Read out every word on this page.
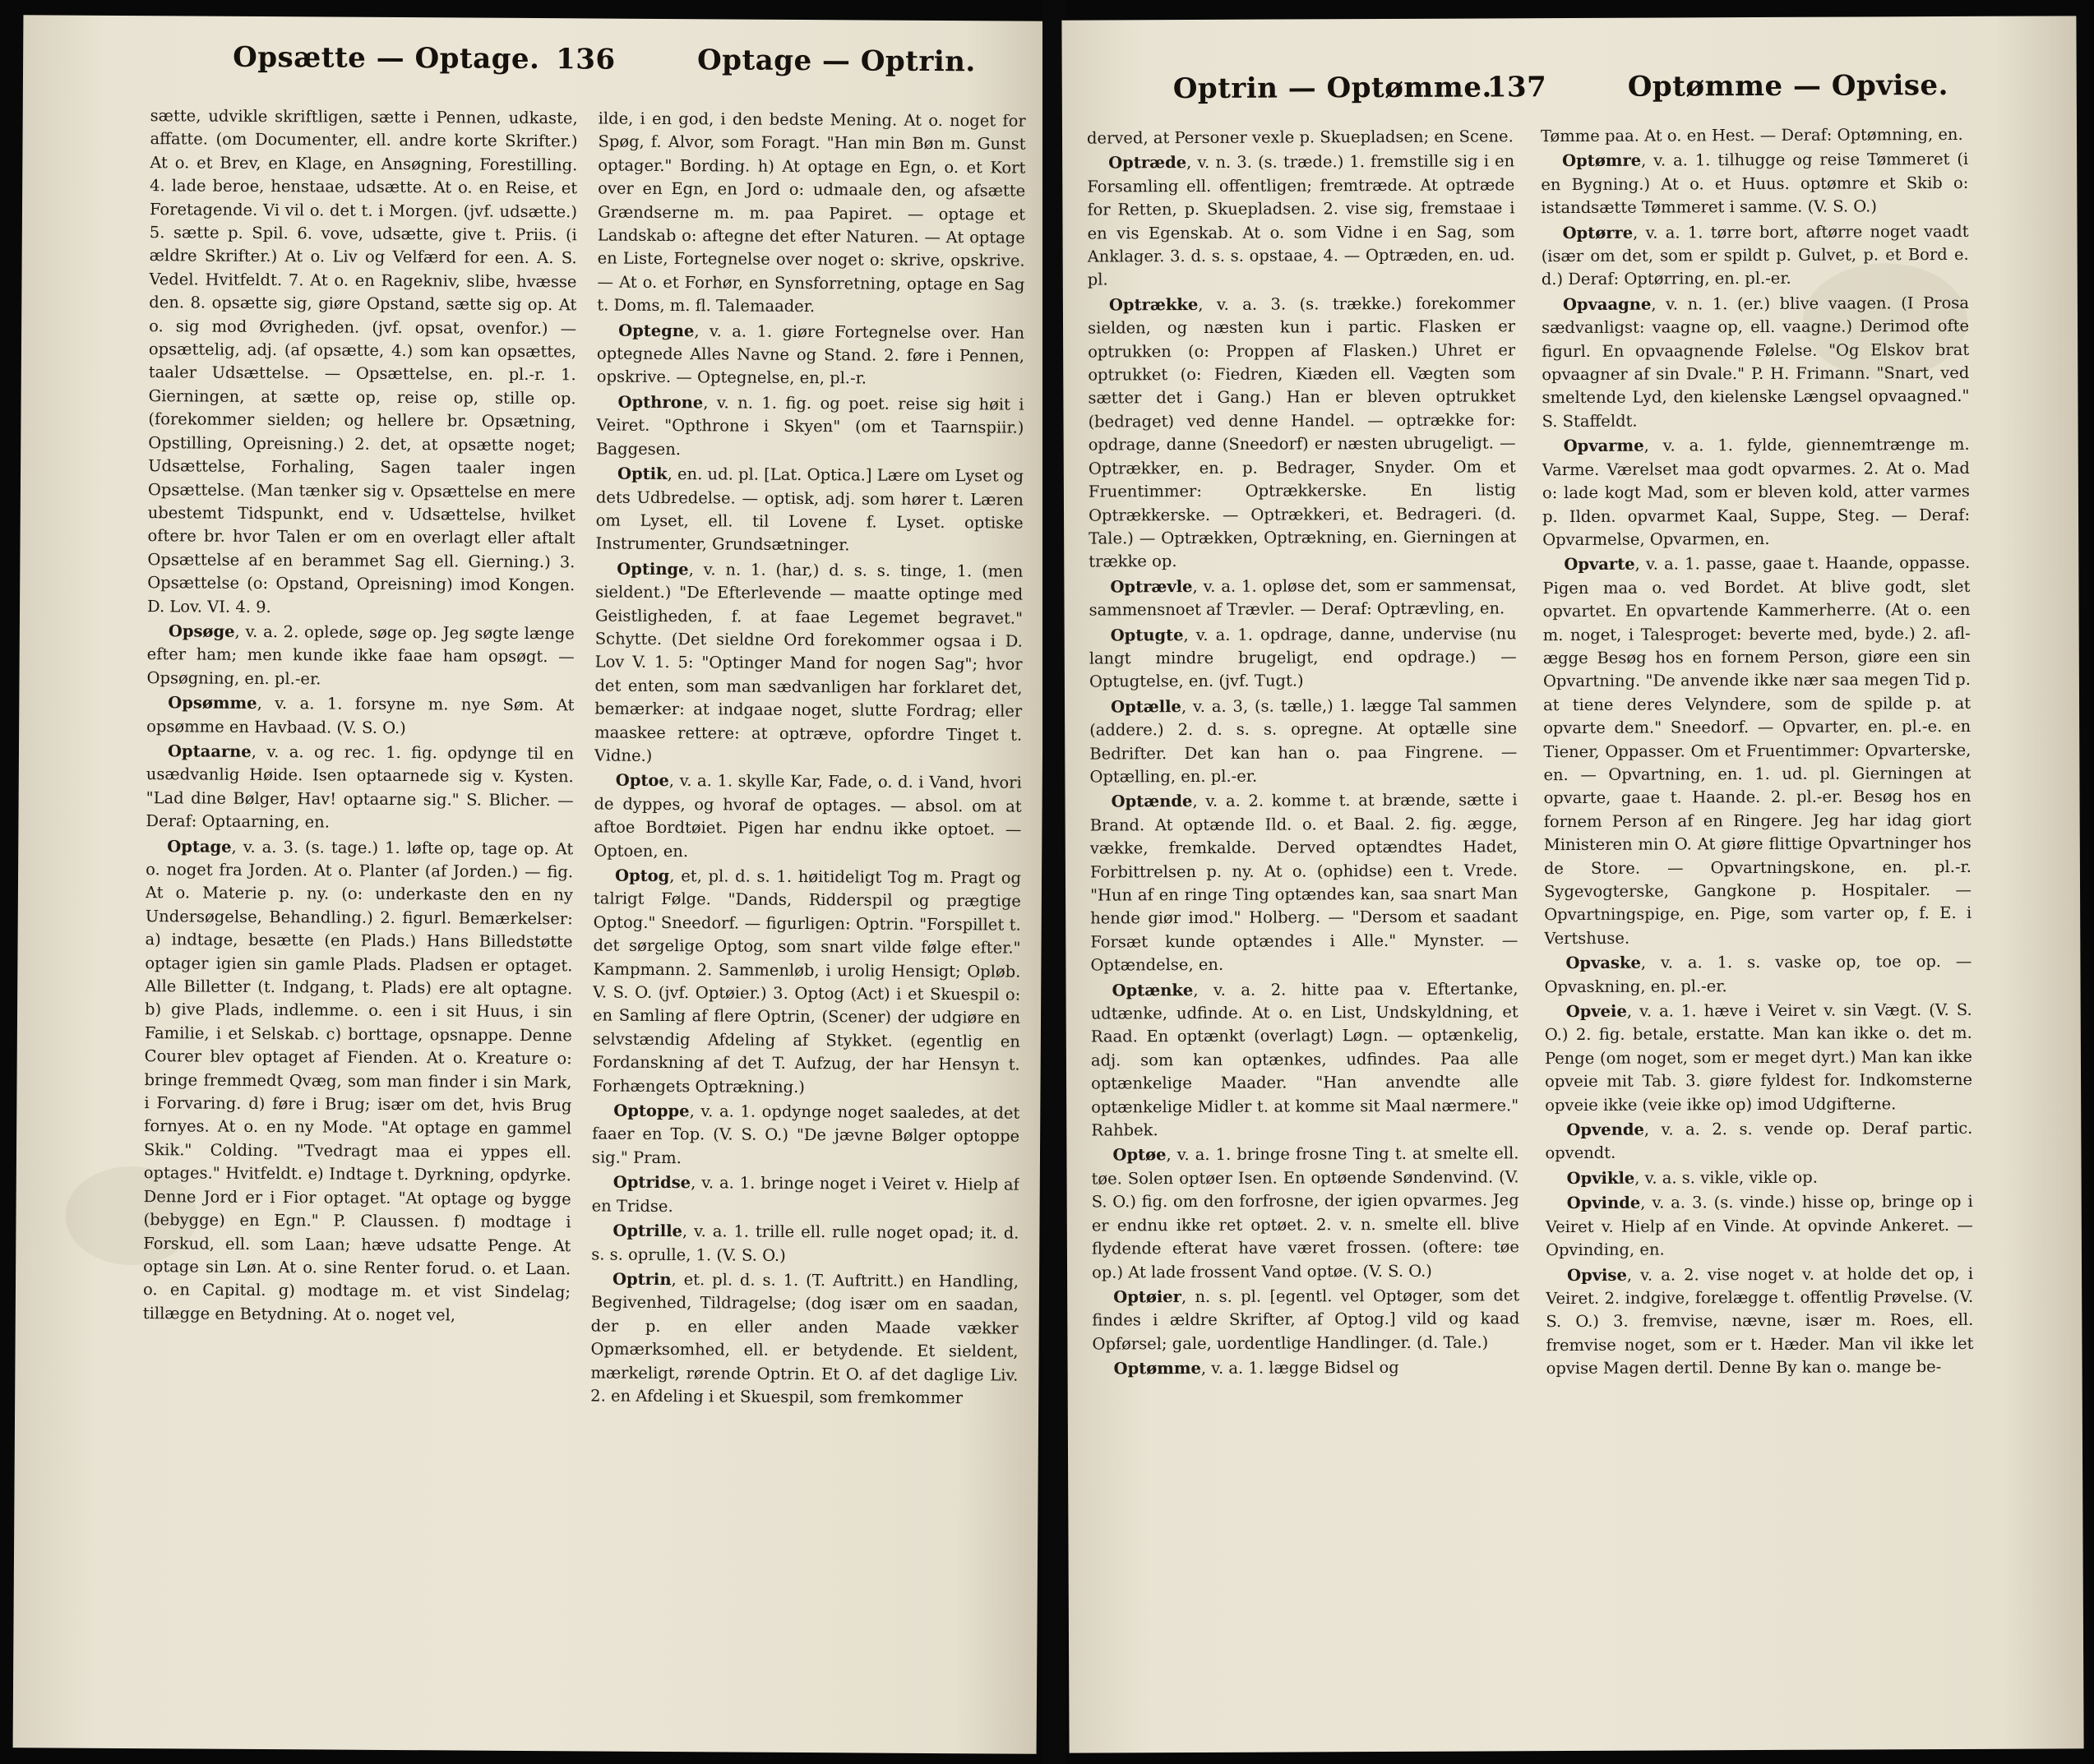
Opsætte — Optage. 136	Optage — Optrin.

sætte, udvikle skriftligen, sætte i Pennen, udkaste, affatte. (om Documenter, ell. andre korte Skrifter.) At o. et Brev, en Klage, en Ansøgning, Forestilling. 4. lade beroe, henstaae, udsætte. At o. en Reise, et Foretagende. Vi vil o. det t. i Morgen. (jvf. udsætte.) 5. sætte p. Spil. 6. vove, udsætte, give t. Priis. (i ældre Skrifter.) At o. Liv og Velfærd for een. A. S. Vedel. Hvitfeldt. 7. At o. en Ragekniv, slibe, hvæsse den. 8. opsætte sig, giøre Opstand, sætte sig op. At o. sig mod Øvrigheden. (jvf. opsat, ovenfor.) — opsættelig, adj. (af opsætte, 4.) som kan opsættes, taaler Udsættelse. — Opsættelse, en. pl.-r. 1. Gierningen, at sætte op, reise op, stille op. (forekommer sielden; og hellere br. Opsætning, Opstilling, Opreisning.) 2. det, at opsætte noget; Udsættelse, Forhaling, Sagen taaler ingen Opsættelse. (Man tænker sig v. Opsættelse en mere ubestemt Tidspunkt, end v. Udsættelse, hvilket oftere br. hvor Talen er om en overlagt eller aftalt Opsættelse af en berammet Sag ell. Gierning.) 3. Opsættelse (o: Opstand, Opreisning) imod Kongen. D. Lov. VI. 4. 9.

Opsøge, v. a. 2. opledе, søge op. Jeg søgte længe efter ham; men kunde ikke faae ham opsøgt. — Opsøgning, en. pl.-er.

Opsømme, v. a. 1. forsyne m. nye Søm. At opsømme en Havbaad. (V. S. O.)

Optaarne, v. a. og rec. 1. fig. opdynge til en usædvanlig Høide. Isen optaarnede sig v. Kysten. "Lad dine Bølger, Hav! optaarne sig." S. Blicher. — Deraf: Optaarning, en.

Optage, v. a. 3. (s. tage.) 1. løfte op, tage op. At o. noget fra Jorden. At o. Planter (af Jorden.) — fig. At o. Materie p. ny. (o: underkaste den en ny Undersøgelse, Behandling.) 2. figurl. Bemærkelser: a) indtage, besætte (en Plads.) Hans Billedstøtte optager igien sin gamle Plads. Pladsen er optaget. Alle Billetter (t. Indgang, t. Plads) ere alt optagne. b) give Plads, indlemme. o. een i sit Huus, i sin Familie, i et Selskab. c) borttage, opsnappe. Denne Courer blev optaget af Fienden. At o. Kreature o: bringe fremmedt Qvæg, som man finder i sin Mark, i Forvaring. d) føre i Brug; især om det, hvis Brug fornyes. At o. en ny Mode. "At optage en gammel Skik." Colding. "Tvedragt maa ei yppes ell. optages." Hvitfeldt. e) Indtage t. Dyrkning, opdyrke. Denne Jord er i Fior optaget. "At optage og bygge (bebygge) en Egn." P. Claussen. f) modtage i Forskud, ell. som Laan; hæve udsatte Penge. At optage sin Løn. At o. sine Renter forud. o. et Laan. o. en Capital. g) modtage m. et vist Sindelag; tillægge en Betydning. At o. noget vel,

ilde, i en god, i den bedste Mening. At o. noget for Spøg, f. Alvor, som Foragt. "Han min Bøn m. Gunst optager." Bording. h) At optage en Egn, o. et Kort over en Egn, en Jord o: udmaale den, og afsætte Grændserne m. m. paa Papiret. — optage et Landskab o: aftegne det efter Naturen. — At optage en Liste, Fortegnelse over noget o: skrive, opskrive. — At o. et Forhør, en Synsforretning, optage en Sag t. Doms, m. fl. Talemaader.

Optegne, v. a. 1. giøre Fortegnelse over. Han optegnede Alles Navne og Stand. 2. føre i Pennen, opskrive. — Optegnelse, en, pl.-r.

Opthrone, v. n. 1. fig. og poet. reise sig høit i Veiret. "Opthrone i Skyen" (om et Taarnspiir.) Baggesen.

Optik, en. ud. pl. [Lat. Optica.] Lære om Lyset og dets Udbredelse. — optisk, adj. som hører t. Læren om Lyset, ell. til Lovene f. Lyset. optiske Instrumenter, Grundsætninger.

Optinge, v. n. 1. (har,) d. s. s. tinge, 1. (men sieldent.) "De Efterlevende — maatte optinge med Geistligheden, f. at faae Legemet begravet." Schytte. (Det sieldne Ord forekommer ogsaa i D. Lov V. 1. 5: "Optinger Mand for nogen Sag"; hvor det enten, som man sædvanligen har forklaret det, bemærker: at indgaae noget, slutte Fordrag; eller maaskee rettere: at optræve, opfordre Tinget t. Vidne.)

Optoe, v. a. 1. skylle Kar, Fade, o. d. i Vand, hvori de dyppes, og hvoraf de optages. — absol. om at aftoe Bordtøiet. Pigen har endnu ikke optoet. — Optoen, en.

Optog, et, pl. d. s. 1. høitideligt Tog m. Pragt og talrigt Følge. "Dands, Ridderspil og prægtige Optog." Sneedorf. — figurligen: Optrin. "Forspillet t. det sørgelige Optog, som snart vilde følge efter." Kampmann. 2. Sammenløb, i urolig Hensigt; Opløb. V. S. O. (jvf. Optøier.) 3. Optog (Act) i et Skuespil o: en Samling af flere Optrin, (Scener) der udgiøre en selvstændig Afdeling af Stykket. (egentlig en Fordanskning af det T. Aufzug, der har Hensyn t. Forhængets Optrækning.)

Optoppe, v. a. 1. opdynge noget saaledes, at det faaer en Top. (V. S. O.) "De jævne Bølger optoppe sig." Pram.

Optridse, v. a. 1. bringe noget i Veiret v. Hielp af en Tridse.

Optrille, v. a. 1. trille ell. rulle noget opad; it. d. s. s. oprulle, 1. (V. S. O.)

Optrin, et. pl. d. s. 1. (T. Auftritt.) en Handling, Begivenhed, Tildragelse; (dog især om en saadan, der p. en eller anden Maade vækker Opmærksomhed, ell. er betydende. Et sieldent, mærkeligt, rørende Optrin. Et O. af det dagligе Liv. 2. en Afdeling i et Skuespil, som fremkommer

Optrin — Optømme.
137	Optømme — Opvise.

derved, at Personer vexle p. Skuepladsen; en Scene.

Optræde, v. n. 3. (s. træde.) 1. fremstille sig i en Forsamling ell. offentligen; fremtræde. At optræde for Retten, p. Skuepladsen. 2. vise sig, fremstaae i en vis Egenskab. At o. som Vidne i en Sag, som Anklager. 3. d. s. s. opstaae, 4. — Optræden, en. ud. pl.

Optrække, v. a. 3. (s. trække.) forekommer sielden, og næsten kun i partic. Flasken er optrukken (o: Proppen af Flasken.) Uhret er optrukket (o: Fiedren, Kiæden ell. Vægten som sætter det i Gang.) Han er bleven optrukket (bedraget) ved denne Handel. — optrække for: opdrage, danne (Sneedorf) er næsten ubrugeligt. — Optrækker, en. p. Bedrager, Snyder. Om et Fruentimmer: Optrækkerske. En listig Optrækkerske. — Optrækkeri, et. Bedrageri. (d. Tale.) — Optrækken, Optrækning, en. Gierningen at trække op.

Optrævle, v. a. 1. opløse det, som er sammensat, sammensnoet af Trævler. — Deraf: Optrævling, en.

Optugte, v. a. 1. opdrage, danne, undervise (nu langt mindre brugeligt, end opdrage.) — Optugtelse, en. (jvf. Tugt.)

Optælle, v. a. 3, (s. tælle,) 1. lægge Tal sammen (addere.) 2. d. s. s. opregne. At optælle sine Bedrifter. Det kan han o. paa Fingrene. — Optælling, en. pl.-er.

Optænde, v. a. 2. komme t. at brænde, sætte i Brand. At optænde Ild. o. et Baal. 2. fig. ægge, vække, fremkalde. Derved optændtes Hadet, Forbittrelsen p. ny. At o. (ophidse) een t. Vrede. "Hun af en ringe Ting optændes kan, saa snart Man hende giør imod." Holberg. — "Dersom et saadant Forsæt kunde optændes i Alle." Mynster. — Optændelse, en.

Optænke, v. a. 2. hitte paa v. Eftertanke, udtænke, udfinde. At o. en List, Undskyldning, et Raad. En optænkt (overlagt) Løgn. — optænkelig, adj. som kan optænkes, udfindes. Paa alle optænkelige Maader. "Han anvendte alle optænkelige Midler t. at komme sit Maal nærmere." Rahbek.

Optøe, v. a. 1. bringe frosne Ting t. at smelte ell. tøe. Solen optøer Isen. En optøende Søndenvind. (V. S. O.) fig. om den forfrosne, der igien opvarmes. Jeg er endnu ikke ret optøet. 2. v. n. smelte ell. blive flydende efterat have været frossen. (oftere: tøe op.) At lade frossent Vand optøe. (V. S. O.)

Optøier, n. s. pl. [egentl. vel Optøger, som det findes i ældre Skrifter, af Optog.] vild og kaad Opførsel; gale, uordentlige Handlinger. (d. Tale.)

Optømme, v. a. 1. lægge Bidsel og

Tømme paa. At o. en Hest. — Deraf: Optømning, en.

Optømre, v. a. 1. tilhugge og reise Tømmeret (i en Bygning.) At o. et Huus. optømre et Skib o: istandsætte Tømmeret i samme. (V. S. O.)

Optørre, v. a. 1. tørre bort, aftørre noget vaadt (især om det, som er spildt p. Gulvet, p. et Bord e. d.) Deraf: Optørring, en. pl.-er.

Opvaagne, v. n. 1. (er.) blive vaagen. (I Prosa sædvanligst: vaagne op, ell. vaagne.) Derimod ofte figurl. En opvaagnende Følelse. "Og Elskov brat opvaagner af sin Dvale." P. H. Frimann. "Snart, ved smeltende Lyd, den kielenske Længsel opvaagned." S. Staffeldt.

Opvarme, v. a. 1. fylde, giennemtrænge m. Varme. Værelset maa godt opvarmes. 2. At o. Mad o: lade kogt Mad, som er bleven kold, atter varmes p. Ilden. opvarmet Kaal, Suppe, Steg. — Deraf: Opvarmelse, Opvarmen, en.

Opvarte, v. a. 1. passe, gaae t. Haande, oppasse. Pigen maa o. ved Bordet. At blive godt, slet opvartet. En opvartende Kammerherre. (At o. een m. noget, i Talesproget: beverte med, byde.) 2. aflægge Besøg hos en fornem Person, giøre een sin Opvartning. "De anvende ikke nær saa megen Tid p. at tiene deres Velyndere, som de spilde p. at opvarte dem." Sneedorf. — Opvarter, en. pl.-e. en Tiener, Oppasser. Om et Fruentimmer: Opvarterske, en. — Opvartning, en. 1. ud. pl. Gierningen at opvarte, gaae t. Haande. 2. pl.-er. Besøg hos en fornem Person af en Ringere. Jeg har idag giort Ministeren min O. At giøre flittige Opvartninger hos de Store. — Opvartningskone, en. pl.-r. Sygevogterske, Gangkone p. Hospitaler. — Opvartningspige, en. Pige, som varter op, f. E. i Vertshuse.

Opvaske, v. a. 1. s. vaske op, toe op. — Opvaskning, en. pl.-er.

Opveie, v. a. 1. hæve i Veiret v. sin Vægt. (V. S. O.) 2. fig. betale, erstatte. Man kan ikke o. det m. Penge (om noget, som er meget dyrt.) Man kan ikke opveie mit Tab. 3. giøre fyldest for. Indkomsterne opveie ikke (veie ikke op) imod Udgifterne.

Opvende, v. a. 2. s. vende op. Deraf partic. opvendt.

Opvikle, v. a. s. vikle, vikle op.

Opvinde, v. a. 3. (s. vinde.) hisse op, bringe op i Veiret v. Hielp af en Vinde. At opvinde Ankeret. — Opvinding, en.

Opvise, v. a. 2. vise noget v. at holde det op, i Veiret. 2. indgive, forelægge t. offentlig Prøvelse. (V. S. O.) 3. fremvise, nævne, især m. Roes, ell. fremvise noget, som er t. Hæder. Man vil ikke let opvise Magen dertil. Denne By kan o. mange be-
